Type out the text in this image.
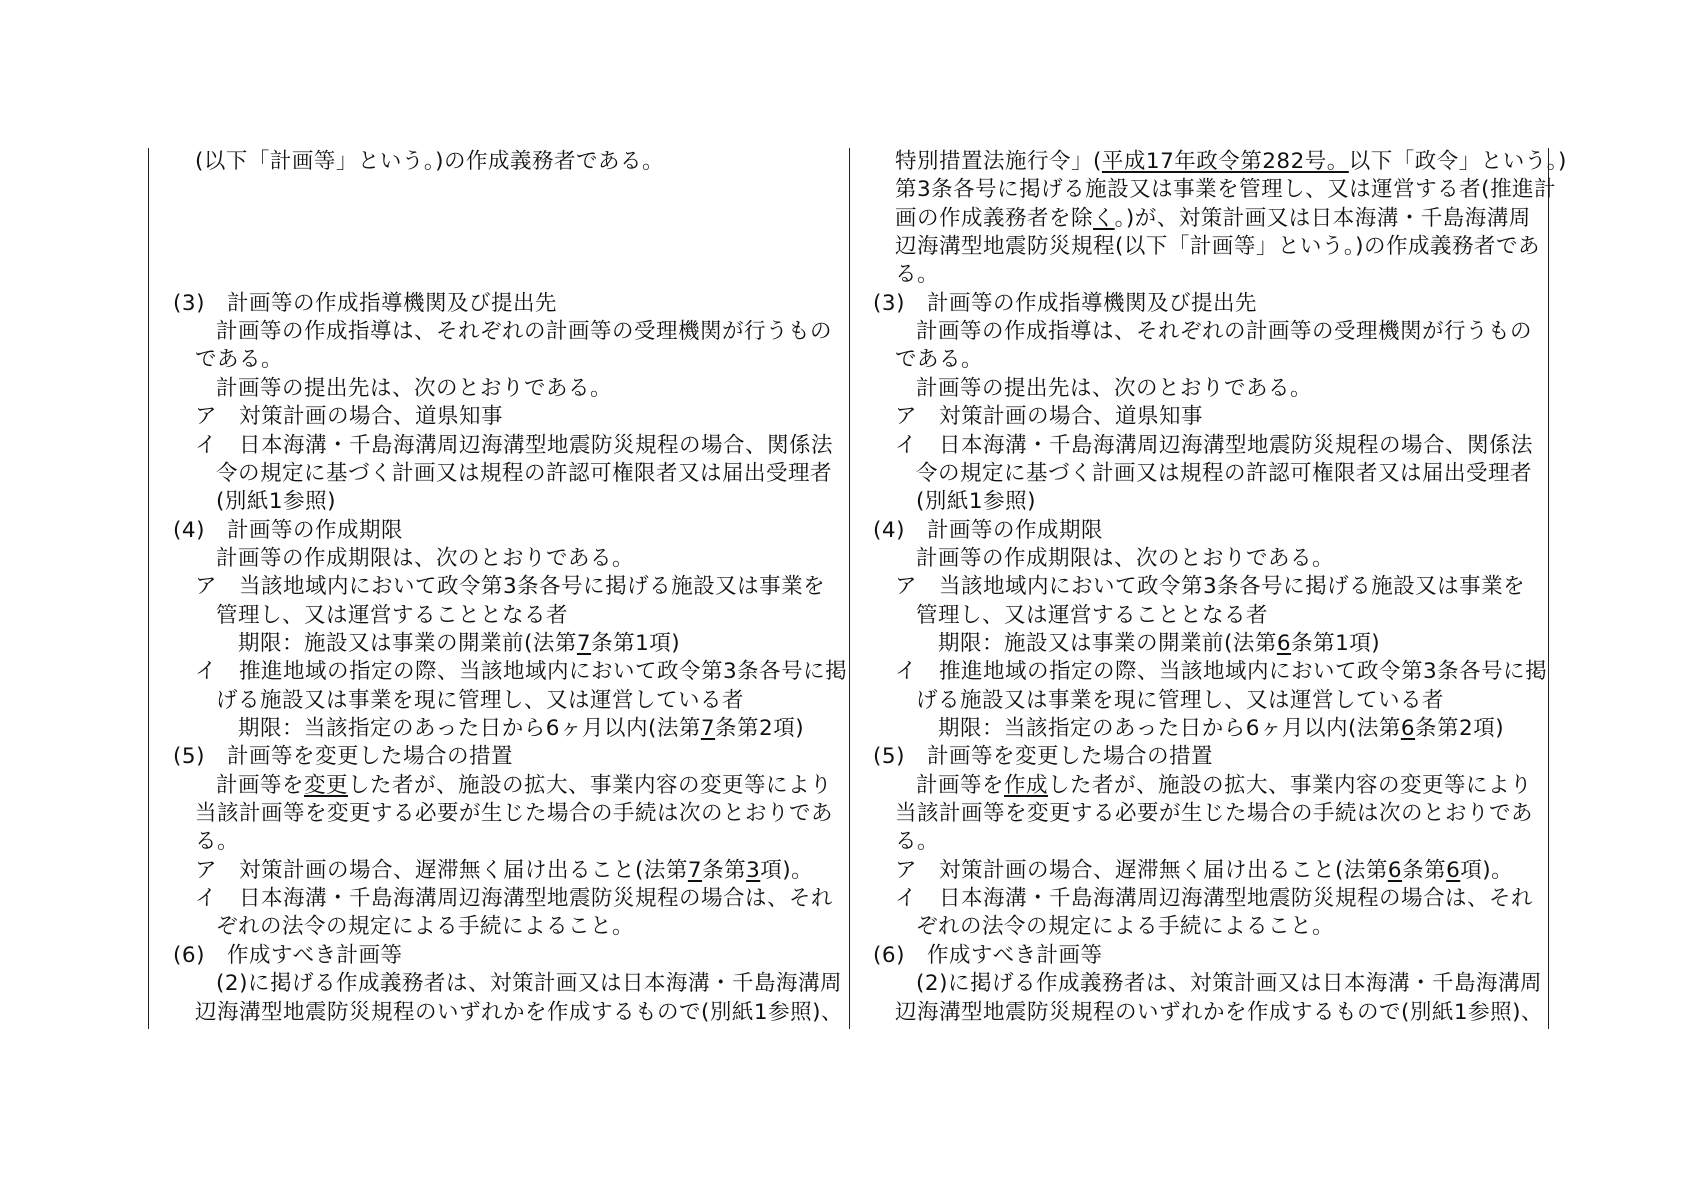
(以下「計画等」という。)の作成義務者である。
(3)　計画等の作成指導機関及び提出先
計画等の作成指導は、それぞれの計画等の受理機関が行うもの
である。
計画等の提出先は、次のとおりである。
ア　対策計画の場合、道県知事
イ　日本海溝・千島海溝周辺海溝型地震防災規程の場合、関係法
令の規定に基づく計画又は規程の許認可権限者又は届出受理者
(別紙1参照)
(4)　計画等の作成期限
計画等の作成期限は、次のとおりである。
ア　当該地域内において政令第3条各号に掲げる施設又は事業を
管理し、又は運営することとなる者
期限：施設又は事業の開業前(法第7条第1項)
イ　推進地域の指定の際、当該地域内において政令第3条各号に掲
げる施設又は事業を現に管理し、又は運営している者
期限：当該指定のあった日から6ヶ月以内(法第7条第2項)
(5)　計画等を変更した場合の措置
計画等を変更した者が、施設の拡大、事業内容の変更等により
当該計画等を変更する必要が生じた場合の手続は次のとおりであ
る。
ア　対策計画の場合、遅滞無く届け出ること(法第7条第3項)。
イ　日本海溝・千島海溝周辺海溝型地震防災規程の場合は、それ
ぞれの法令の規定による手続によること。
(6)　作成すべき計画等
(2)に掲げる作成義務者は、対策計画又は日本海溝・千島海溝周
辺海溝型地震防災規程のいずれかを作成するもので(別紙1参照)、
特別措置法施行令」(平成17年政令第282号。以下「政令」という。)
第3条各号に掲げる施設又は事業を管理し、又は運営する者(推進計
画の作成義務者を除く。)が、対策計画又は日本海溝・千島海溝周
辺海溝型地震防災規程(以下「計画等」という。)の作成義務者であ
る。
(3)　計画等の作成指導機関及び提出先
計画等の作成指導は、それぞれの計画等の受理機関が行うもの
である。
計画等の提出先は、次のとおりである。
ア　対策計画の場合、道県知事
イ　日本海溝・千島海溝周辺海溝型地震防災規程の場合、関係法
令の規定に基づく計画又は規程の許認可権限者又は届出受理者
(別紙1参照)
(4)　計画等の作成期限
計画等の作成期限は、次のとおりである。
ア　当該地域内において政令第3条各号に掲げる施設又は事業を
管理し、又は運営することとなる者
期限：施設又は事業の開業前(法第6条第1項)
イ　推進地域の指定の際、当該地域内において政令第3条各号に掲
げる施設又は事業を現に管理し、又は運営している者
期限：当該指定のあった日から6ヶ月以内(法第6条第2項)
(5)　計画等を変更した場合の措置
計画等を作成した者が、施設の拡大、事業内容の変更等により
当該計画等を変更する必要が生じた場合の手続は次のとおりであ
る。
ア　対策計画の場合、遅滞無く届け出ること(法第6条第6項)。
イ　日本海溝・千島海溝周辺海溝型地震防災規程の場合は、それ
ぞれの法令の規定による手続によること。
(6)　作成すべき計画等
(2)に掲げる作成義務者は、対策計画又は日本海溝・千島海溝周
辺海溝型地震防災規程のいずれかを作成するもので(別紙1参照)、
